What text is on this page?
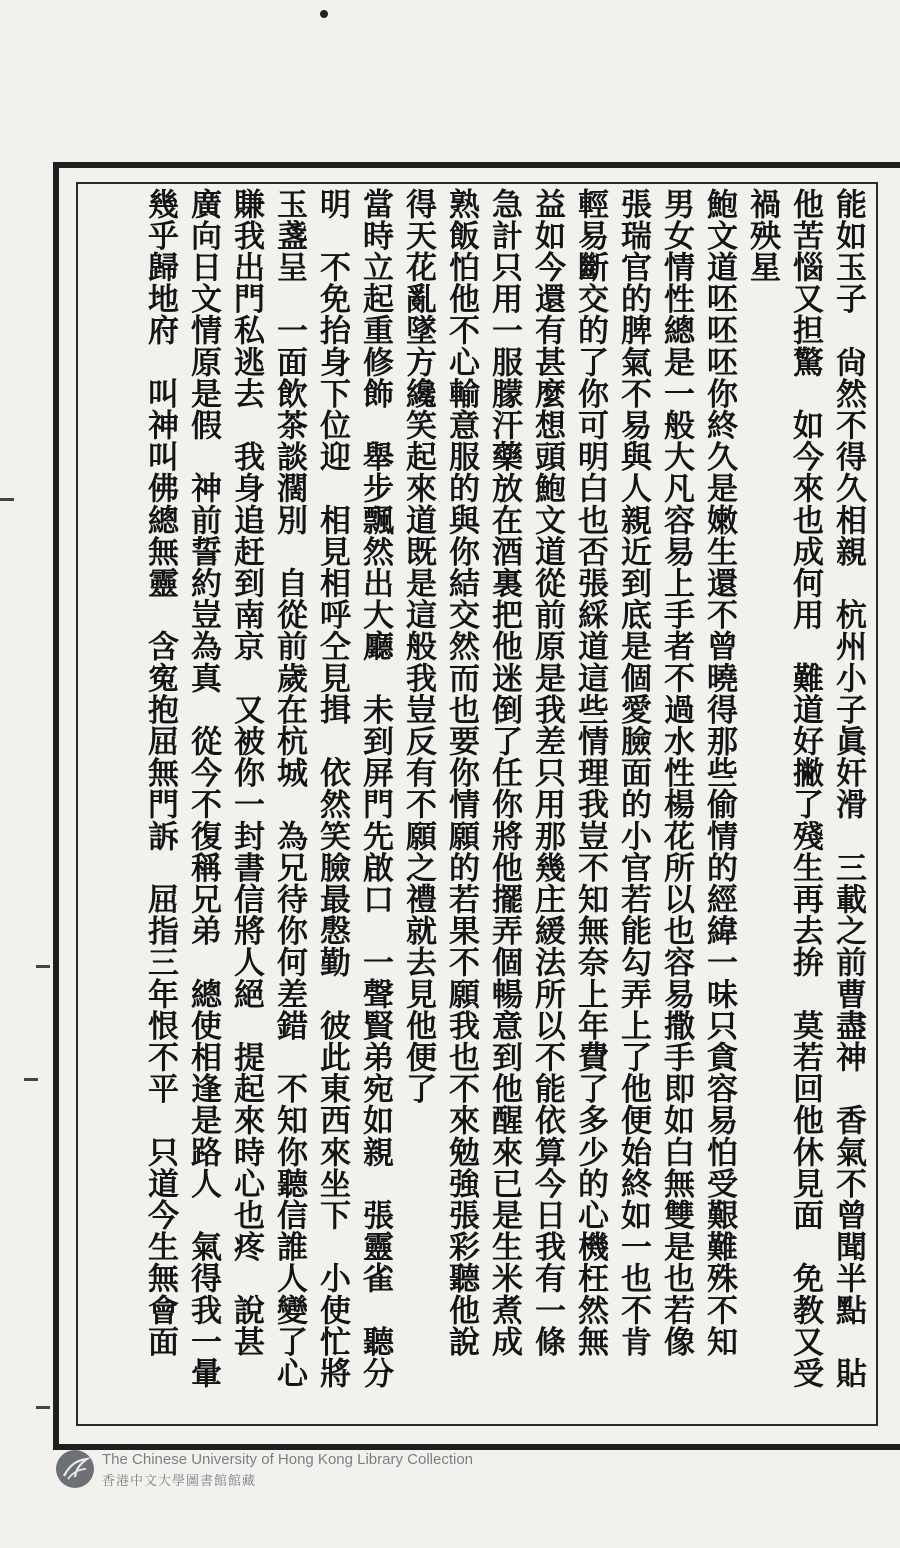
能如玉子　尙然不得久相親　杭州小子眞奸滑　三載之前曹盡神　香氣不曾聞半點　貼
他苦惱又担驚　如今來也成何用　難道好撇了殘生再去拚　莫若回他休見面　免教又受
禍殃星
鮑文道呸呸呸你終久是嫩生還不曾曉得那些偷情的經緯一味只貪容易怕受艱難殊不知
男女情性總是一般大凡容易上手者不過水性楊花所以也容易撒手即如白無雙是也若像
張瑞官的脾氣不易與人親近到底是個愛臉面的小官若能勾弄上了他便始終如一也不肯
輕易斷交的了你可明白也否張綵道這些情理我豈不知無奈上年費了多少的心機枉然無
益如今還有甚麼想頭鮑文道從前原是我差只用那幾庄緩法所以不能依算今日我有一條
急計只用一服朦汗藥放在酒裏把他迷倒了任你將他擺弄個暢意到他醒來已是生米煮成
熟飯怕他不心輸意服的與你結交然而也要你情願的若果不願我也不來勉強張彩聽他說
得天花亂墜方纔笑起來道既是這般我豈反有不願之禮就去見他便了
當時立起重修飾　舉步飄然出大廳　未到屏門先啟口　一聲賢弟宛如親　張靈雀　聽分
明　不免抬身下位迎　相見相呼仝見揖　依然笑臉最慇勤　彼此東西來坐下　小使忙將
玉盞呈　一面飲茶談濶別　自從前歲在杭城　為兄待你何差錯　不知你聽信誰人變了心
賺我出門私逃去　我身追赶到南京　又被你一封書信將人絕　提起來時心也疼　說甚
廣向日文情原是假　神前誓約豈為真　從今不復稱兄弟　總使相逢是路人　氣得我一暈
幾乎歸地府　叫神叫佛總無靈　含寃抱屈無門訴　屈指三年恨不平　只道今生無會面
The Chinese University of Hong Kong Library Collection
香港中文大學圖書館館藏
